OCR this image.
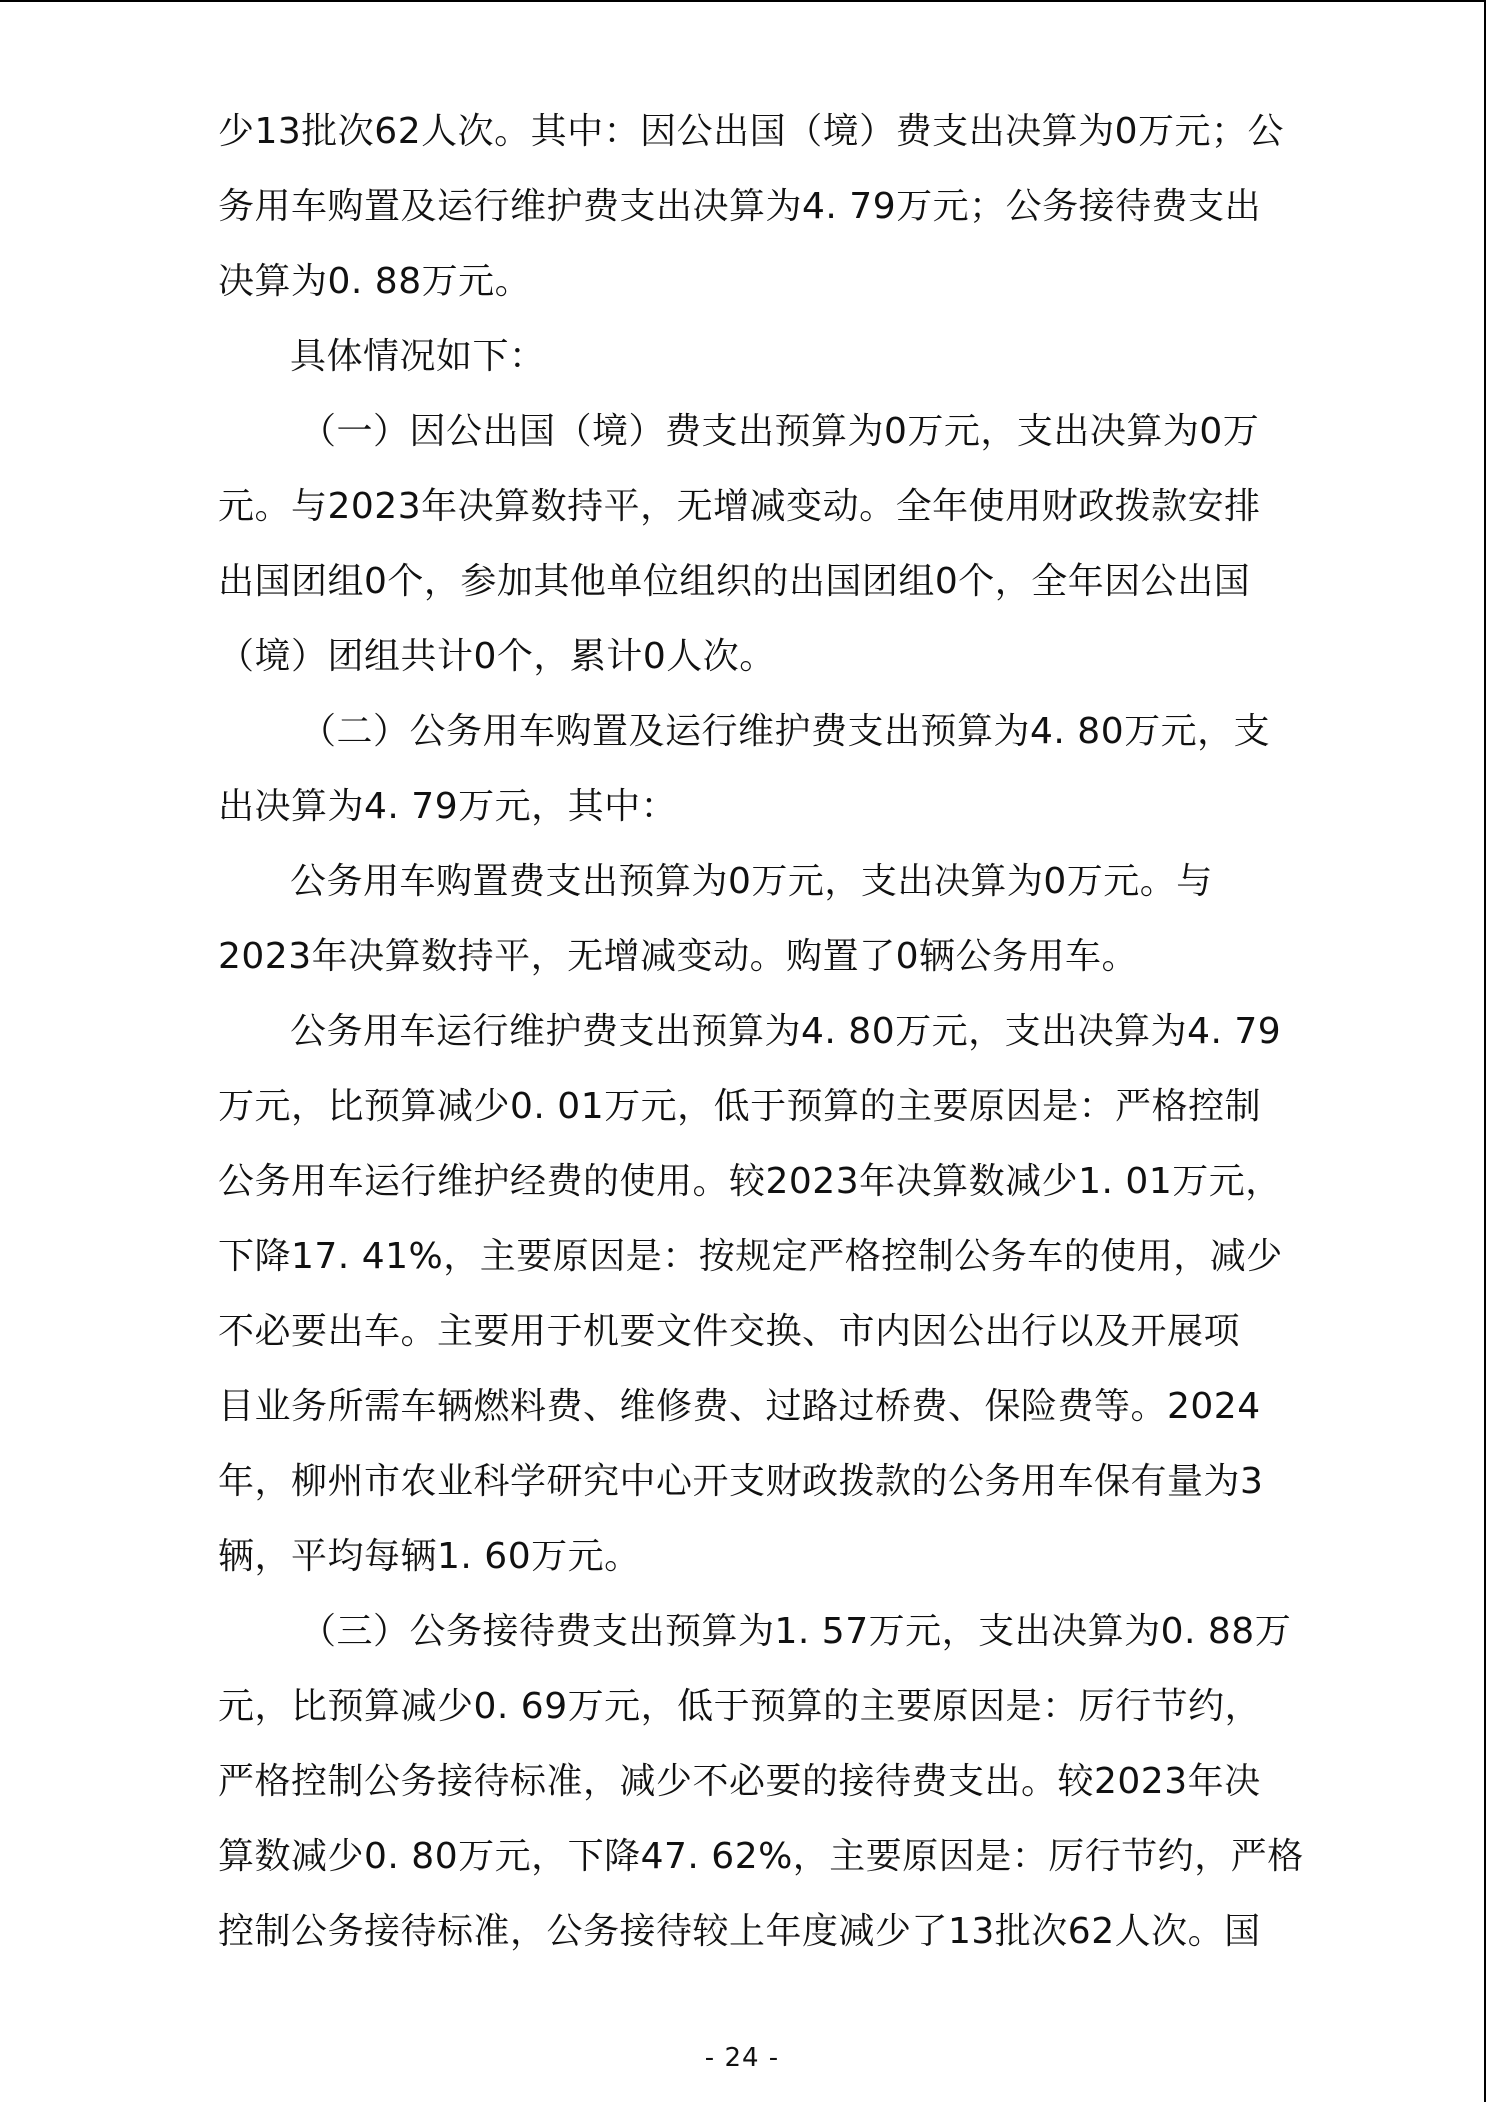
少13批次62人次。其中：因公出国（境）费支出决算为0万元；公
务用车购置及运行维护费支出决算为4. 79万元；公务接待费支出
决算为0. 88万元。
具体情况如下：
（一）因公出国（境）费支出预算为0万元，支出决算为0万
元。与2023年决算数持平，无增减变动。全年使用财政拨款安排
出国团组0个，参加其他单位组织的出国团组0个，全年因公出国
（境）团组共计0个，累计0人次。
（二）公务用车购置及运行维护费支出预算为4. 80万元，支
出决算为4. 79万元，其中：
公务用车购置费支出预算为0万元，支出决算为0万元。与
2023年决算数持平，无增减变动。购置了0辆公务用车。
公务用车运行维护费支出预算为4. 80万元，支出决算为4. 79
万元，比预算减少0. 01万元，低于预算的主要原因是：严格控制
公务用车运行维护经费的使用。较2023年决算数减少1. 01万元，
下降17. 41%，主要原因是：按规定严格控制公务车的使用，减少
不必要出车。主要用于机要文件交换、市内因公出行以及开展项
目业务所需车辆燃料费、维修费、过路过桥费、保险费等。2024
年，柳州市农业科学研究中心开支财政拨款的公务用车保有量为3
辆，平均每辆1. 60万元。
（三）公务接待费支出预算为1. 57万元，支出决算为0. 88万
元，比预算减少0. 69万元，低于预算的主要原因是：厉行节约，
严格控制公务接待标准，减少不必要的接待费支出。较2023年决
算数减少0. 80万元，下降47. 62%，主要原因是：厉行节约，严格
控制公务接待标准，公务接待较上年度减少了13批次62人次。国
- 24 -
